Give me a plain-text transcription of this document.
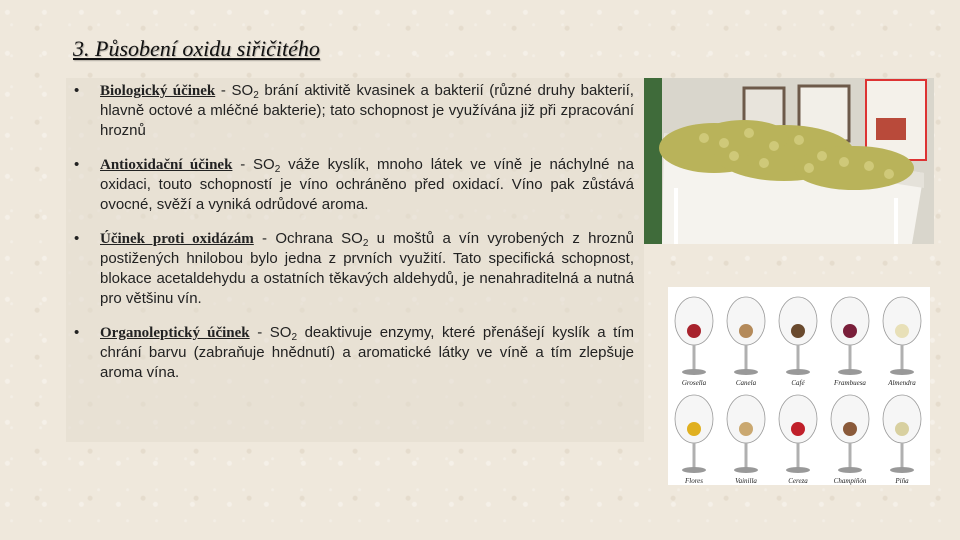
3. Působení oxidu siřičitého
• Biologický účinek - $SO_2$ brání aktivitě kvasinek a bakterií (různé druhy bakterií, hlavně octové a mléčné bakterie); tato schopnost je využívána již při zpracování hroznů
• Antioxidační účinek - $SO_2$ váže kyslík, mnoho látek ve víně je náchylné na oxidaci, touto schopností je víno ochráněno před oxidací. Víno pak zůstává ovocné, svěží a vyniká odrůdové aroma.
• Účinek proti oxidázám - Ochrana $SO_2$ u moštů a vín vyrobených z hroznů postižených hnilobou bylo jedna z prvních využití. Tato specifická schopnost, blokace acetaldehydu a ostatních těkavých aldehydů, je nenahraditelná a nutná pro většinu vín.
• Organoleptický účinek - $SO_2$ deaktivuje enzymy, které přenášejí kyslík a tím chrání barvu (zabraňuje hnědnutí) a aromatické látky ve víně a tím zlepšuje aroma vína.
Grosella	Canela	Café	Frambuesa	Almendra
Flores	Vainilla	Cereza	Champiñón	Piña
